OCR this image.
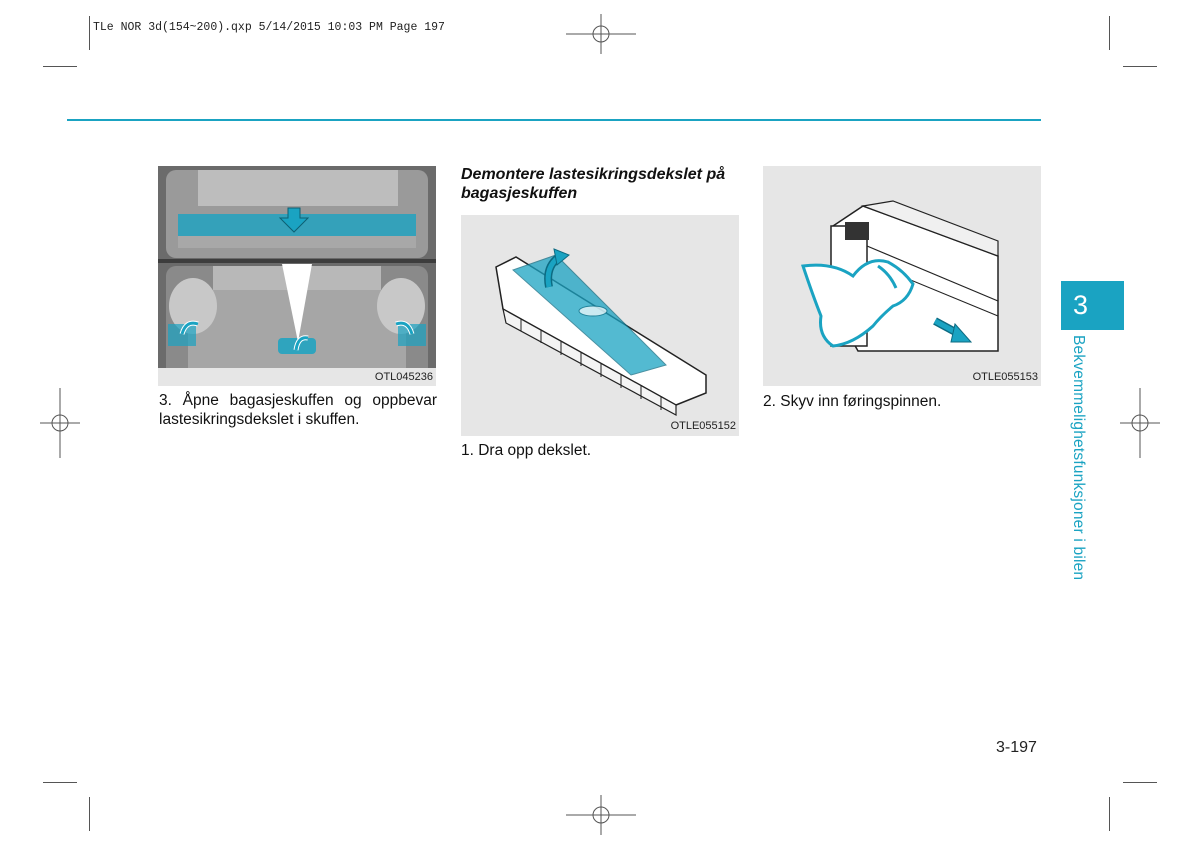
TLe NOR 3d(154~200).qxp 5/14/2015 10:03 PM Page 197
OTL045236
3. Åpne bagasjeskuffen og oppbevar lastesikringsdekslet i skuffen.
Demontere lastesikringsdekslet på bagasjeskuffen
OTLE055152
1. Dra opp dekslet.
OTLE055153
2. Skyv inn føringspinnen.
3
Bekvemmelighetsfunksjoner i bilen
3-197
